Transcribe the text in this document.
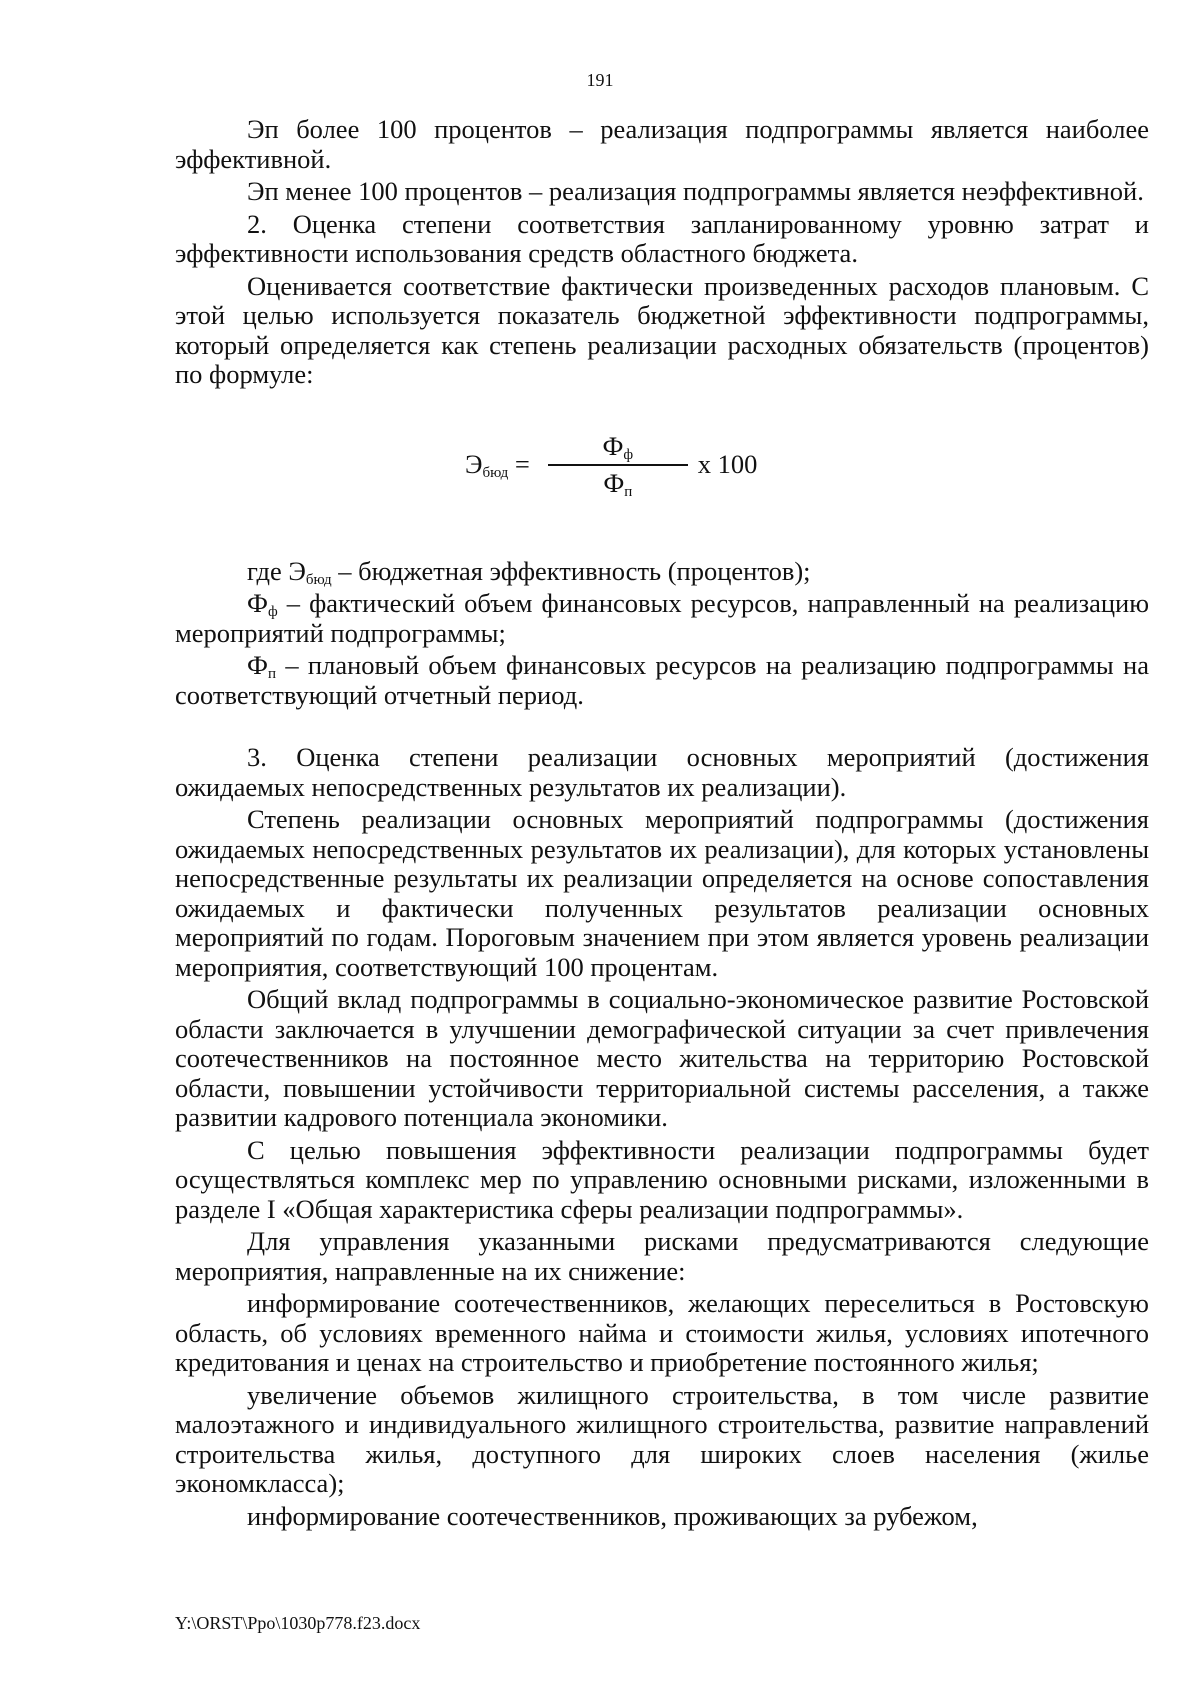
191

Эп более 100 процентов – реализация подпрограммы является наиболее эффективной.

Эп менее 100 процентов – реализация подпрограммы является неэффективной.

2. Оценка степени соответствия запланированному уровню затрат и эффективности использования средств областного бюджета.

Оценивается соответствие фактически произведенных расходов плановым. С этой целью используется показатель бюджетной эффективности подпрограммы, который определяется как степень реализации расходных обязательств (процентов) по формуле:

$Э_{бюд} = \frac{Ф_ф}{Ф_п}$ x 100

где $Э_{бюд}$ – бюджетная эффективность (процентов);

$Ф_ф$ – фактический объем финансовых ресурсов, направленный на реализацию мероприятий подпрограммы;

$Ф_п$ – плановый объем финансовых ресурсов на реализацию подпрограммы на соответствующий отчетный период.

3. Оценка степени реализации основных мероприятий (достижения ожидаемых непосредственных результатов их реализации).

Степень реализации основных мероприятий подпрограммы (достижения ожидаемых непосредственных результатов их реализации), для которых установлены непосредственные результаты их реализации определяется на основе сопоставления ожидаемых и фактически полученных результатов реализации основных мероприятий по годам. Пороговым значением при этом является уровень реализации мероприятия, соответствующий 100 процентам.

Общий вклад подпрограммы в социально-экономическое развитие Ростовской области заключается в улучшении демографической ситуации за счет привлечения соотечественников на постоянное место жительства на территорию Ростовской области, повышении устойчивости территориальной системы расселения, а также развитии кадрового потенциала экономики.

С целью повышения эффективности реализации подпрограммы будет осуществляться комплекс мер по управлению основными рисками, изложенными в разделе I «Общая характеристика сферы реализации подпрограммы».

Для управления указанными рисками предусматриваются следующие мероприятия, направленные на их снижение:

информирование соотечественников, желающих переселиться в Ростовскую область, об условиях временного найма и стоимости жилья, условиях ипотечного кредитования и ценах на строительство и приобретение постоянного жилья;

увеличение объемов жилищного строительства, в том числе развитие малоэтажного и индивидуального жилищного строительства, развитие направлений строительства жилья, доступного для широких слоев населения (жилье экономкласса);

информирование соотечественников, проживающих за рубежом,

Y:\ORST\Ppo\1030p778.f23.docx
